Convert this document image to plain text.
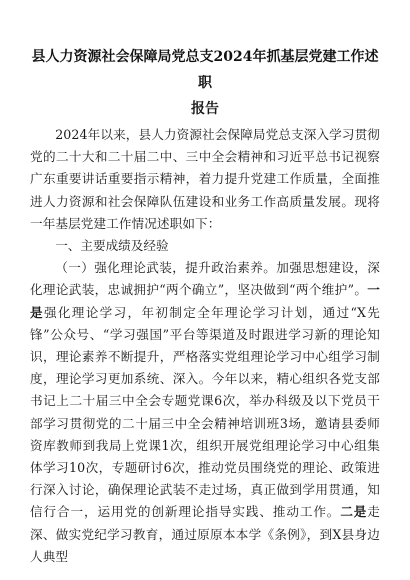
县人力资源社会保障局党总支2024年抓基层党建工作述职

报告

2024年以来，县人力资源社会保障局党总支深入学习贯彻党的二十大和二十届二中、三中全会精神和习近平总书记视察广东重要讲话重要指示精神，着力提升党建工作质量，全面推进人力资源和社会保障队伍建设和业务工作高质量发展。现将一年基层党建工作情况述职如下：

一、主要成绩及经验

（一）强化理论武装，提升政治素养。加强思想建设，深化理论武装，忠诚拥护“两个确立”，坚决做到“两个维护”。一是强化理论学习，年初制定全年理论学习计划，通过“X先锋”公众号、“学习强国”平台等渠道及时跟进学习新的理论知识，理论素养不断提升，严格落实党组理论学习中心组学习制度，理论学习更加系统、深入。今年以来，精心组织各党支部书记上二十届三中全会专题党课6次，举办科级及以下党员干部学习贯彻党的二十届三中全会精神培训班3场，邀请县委师资库教师到我局上党课1次，组织开展党组理论学习中心组集体学习10次，专题研讨6次，推动党员围绕党的理论、政策进行深入讨论，确保理论武装不走过场，真正做到学用贯通，知信行合一，运用党的创新理论指导实践、推动工作。二是走深、做实党纪学习教育，通过原原本本学《条例》，到X县身边人典型
